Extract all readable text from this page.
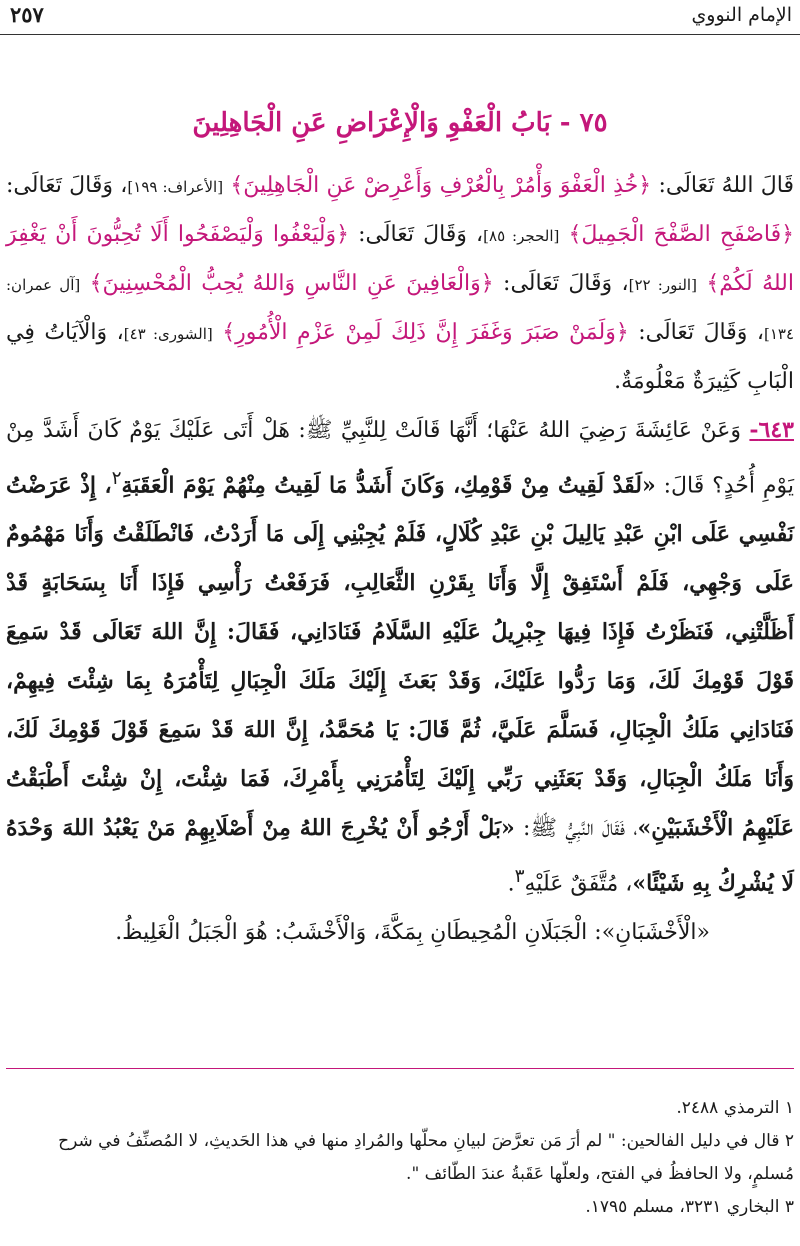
الإمام النووي
٢٥٧
٧٥ - بَابُ الْعَفْوِ وَالْإِعْرَاضِ عَنِ الْجَاهِلِينَ

قَالَ اللهُ تَعَالَى: ﴿خُذِ الْعَفْوَ وَأْمُرْ بِالْعُرْفِ وَأَعْرِضْ عَنِ الْجَاهِلِينَ﴾ [الأعراف: ١٩٩]، وَقَالَ تَعَالَى: ﴿فَاصْفَحِ الصَّفْحَ الْجَمِيلَ﴾ [الحجر: ٨٥]، وَقَالَ تَعَالَى: ﴿وَلْيَعْفُوا وَلْيَصْفَحُوا أَلَا تُحِبُّونَ أَنْ يَغْفِرَ اللهُ لَكُمْ﴾ [النور: ٢٢]، وَقَالَ تَعَالَى: ﴿وَالْعَافِينَ عَنِ النَّاسِ وَاللهُ يُحِبُّ الْمُحْسِنِينَ﴾ [آل عمران: ١٣٤]، وَقَالَ تَعَالَى: ﴿وَلَمَنْ صَبَرَ وَغَفَرَ إِنَّ ذَلِكَ لَمِنْ عَزْمِ الْأُمُورِ﴾ [الشورى: ٤٣]، وَالْآيَاتُ فِي الْبَابِ كَثِيرَةٌ مَعْلُومَةٌ.

٦٤٣- وَعَنْ عَائِشَةَ رَضِيَ اللهُ عَنْهَا؛ أَنَّهَا قَالَتْ لِلنَّبِيِّ ﷺ: هَلْ أَتَى عَلَيْكَ يَوْمٌ كَانَ أَشَدَّ مِنْ يَوْمِ أُحُدٍ؟ قَالَ: «لَقَدْ لَقِيتُ مِنْ قَوْمِكِ، وَكَانَ أَشَدُّ مَا لَقِيتُ مِنْهُمْ يَوْمَ الْعَقَبَةِ$^٢$، إِذْ عَرَضْتُ نَفْسِي عَلَى ابْنِ عَبْدِ يَالِيلَ بْنِ عَبْدِ كُلَالٍ، فَلَمْ يُجِبْنِي إِلَى مَا أَرَدْتُ، فَانْطَلَقْتُ وَأَنَا مَهْمُومٌ عَلَى وَجْهِي، فَلَمْ أَسْتَفِقْ إِلَّا وَأَنَا بِقَرْنِ الثَّعَالِبِ، فَرَفَعْتُ رَأْسِي فَإِذَا أَنَا بِسَحَابَةٍ قَدْ أَظَلَّتْنِي، فَنَظَرْتُ فَإِذَا فِيهَا جِبْرِيلُ عَلَيْهِ السَّلَامُ فَنَادَانِي، فَقَالَ: إِنَّ اللهَ تَعَالَى قَدْ سَمِعَ قَوْلَ قَوْمِكَ لَكَ، وَمَا رَدُّوا عَلَيْكَ، وَقَدْ بَعَثَ إِلَيْكَ مَلَكَ الْجِبَالِ لِتَأْمُرَهُ بِمَا شِئْتَ فِيهِمْ، فَنَادَانِي مَلَكُ الْجِبَالِ، فَسَلَّمَ عَلَيَّ، ثُمَّ قَالَ: يَا مُحَمَّدُ، إِنَّ اللهَ قَدْ سَمِعَ قَوْلَ قَوْمِكَ لَكَ، وَأَنَا مَلَكُ الْجِبَالِ، وَقَدْ بَعَثَنِي رَبِّي إِلَيْكَ لِتَأْمُرَنِي بِأَمْرِكَ، فَمَا شِئْتَ، إِنْ شِئْتَ أَطْبَقْتُ عَلَيْهِمُ الْأَخْشَبَيْنِ»، فَقَالَ النَّبِيُّ ﷺ: «بَلْ أَرْجُو أَنْ يُخْرِجَ اللهُ مِنْ أَصْلَابِهِمْ مَنْ يَعْبُدُ اللهَ وَحْدَهُ لَا يُشْرِكُ بِهِ شَيْئًا»، مُتَّفَقٌ عَلَيْهِ$^٣$.

«الْأَخْشَبَانِ»: الْجَبَلَانِ الْمُحِيطَانِ بِمَكَّةَ، وَالْأَخْشَبُ: هُوَ الْجَبَلُ الْغَلِيظُ.

١ الترمذي ٢٤٨٨.

٢ قال في دليل الفالحين: " لم أرَ مَن تعرَّضَ لبيانِ محلّها والمُرادِ منها في هذا الحَديثِ، لا المُصنِّفُ في شرح مُسلمٍ، ولا الحافظُ في الفتح، ولعلّها عَقَبةُ عندَ الطّائف ".

٣ البخاري ٣٢٣١، مسلم ١٧٩٥.
